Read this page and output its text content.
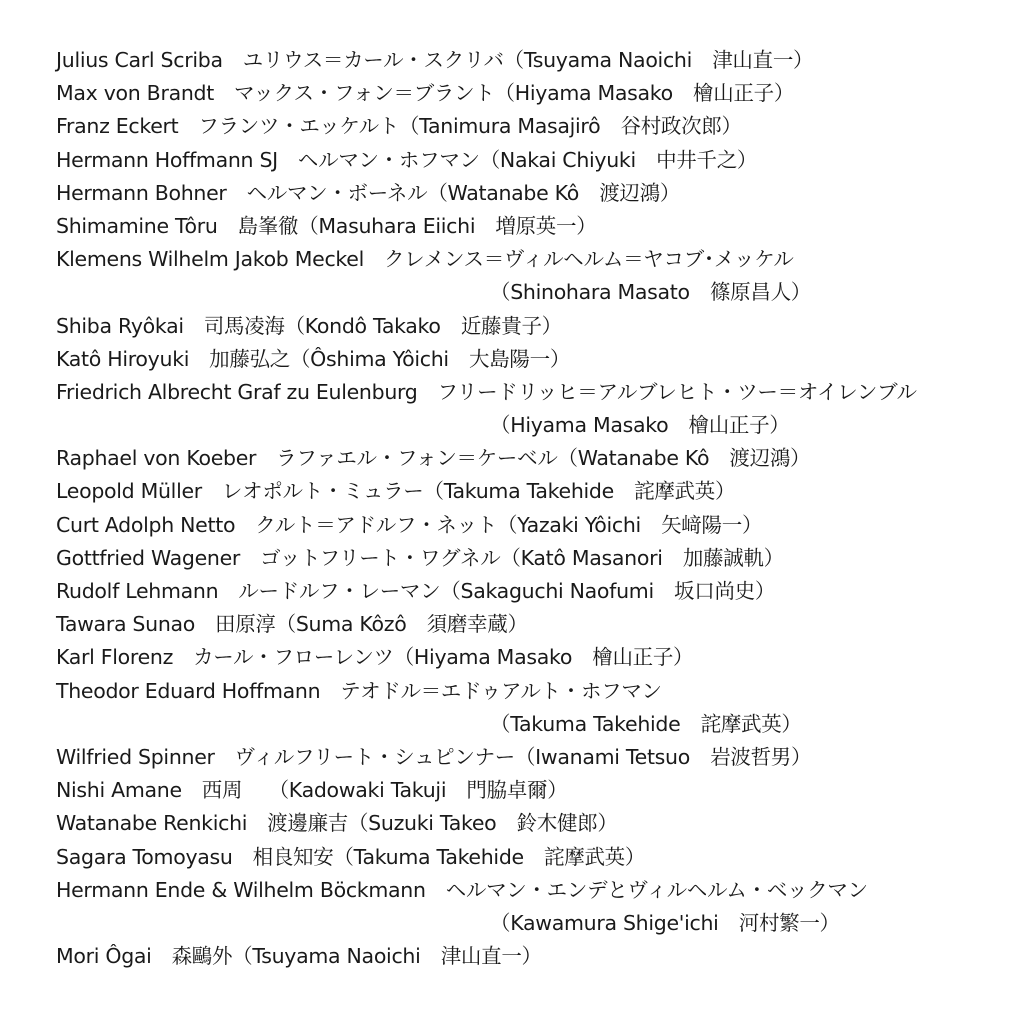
Julius Carl Scriba ユリウス＝カール・スクリバ（Tsuyama Naoichi　津山直一）
Max von Brandt マックス・フォン＝ブラント（Hiyama Masako　檜山正子）
Franz Eckert フランツ・エッケルト（Tanimura Masajirô　谷村政次郎）
Hermann Hoffmann SJ ヘルマン・ホフマン（Nakai Chiyuki　中井千之）
Hermann Bohner ヘルマン・ボーネル（Watanabe Kô　渡辺鴻）
Shimamine Tôru 島峯徹（Masuhara Eiichi　増原英一）
Klemens Wilhelm Jakob Meckel クレメンス＝ヴィルヘルム＝ヤコブ･メッケル
（Shinohara Masato　篠原昌人）
Shiba Ryôkai 司馬凌海（Kondô Takako　近藤貴子）
Katô Hiroyuki 加藤弘之（Ôshima Yôichi　大島陽一）
Friedrich Albrecht Graf zu Eulenburg フリードリッヒ＝アルブレヒト・ツー＝オイレンブル
（Hiyama Masako　檜山正子）
Raphael von Koeber ラファエル・フォン＝ケーベル（Watanabe Kô　渡辺鴻）
Leopold Müller レオポルト・ミュラー（Takuma Takehide　詫摩武英）
Curt Adolph Netto クルト＝アドルフ・ネット（Yazaki Yôichi　矢﨑陽一）
Gottfried Wagener ゴットフリート・ワグネル（Katô Masanori　加藤誠軌）
Rudolf Lehmann ルードルフ・レーマン（Sakaguchi Naofumi　坂口尚史）
Tawara Sunao 田原淳（Suma Kôzô　須磨幸蔵）
Karl Florenz カール・フローレンツ（Hiyama Masako　檜山正子）
Theodor Eduard Hoffmann テオドル＝エドゥアルト・ホフマン
（Takuma Takehide　詫摩武英）
Wilfried Spinner ヴィルフリート・シュピンナー（Iwanami Tetsuo　岩波哲男）
Nishi Amane 西周　 （Kadowaki Takuji　門脇卓爾）
Watanabe Renkichi 渡邊廉吉（Suzuki Takeo　鈴木健郎）
Sagara Tomoyasu 相良知安（Takuma Takehide　詫摩武英）
Hermann Ende & Wilhelm Böckmann ヘルマン・エンデとヴィルヘルム・ベックマン
（Kawamura Shige'ichi　河村繁一）
Mori Ôgai 森鷗外（Tsuyama Naoichi　津山直一）
